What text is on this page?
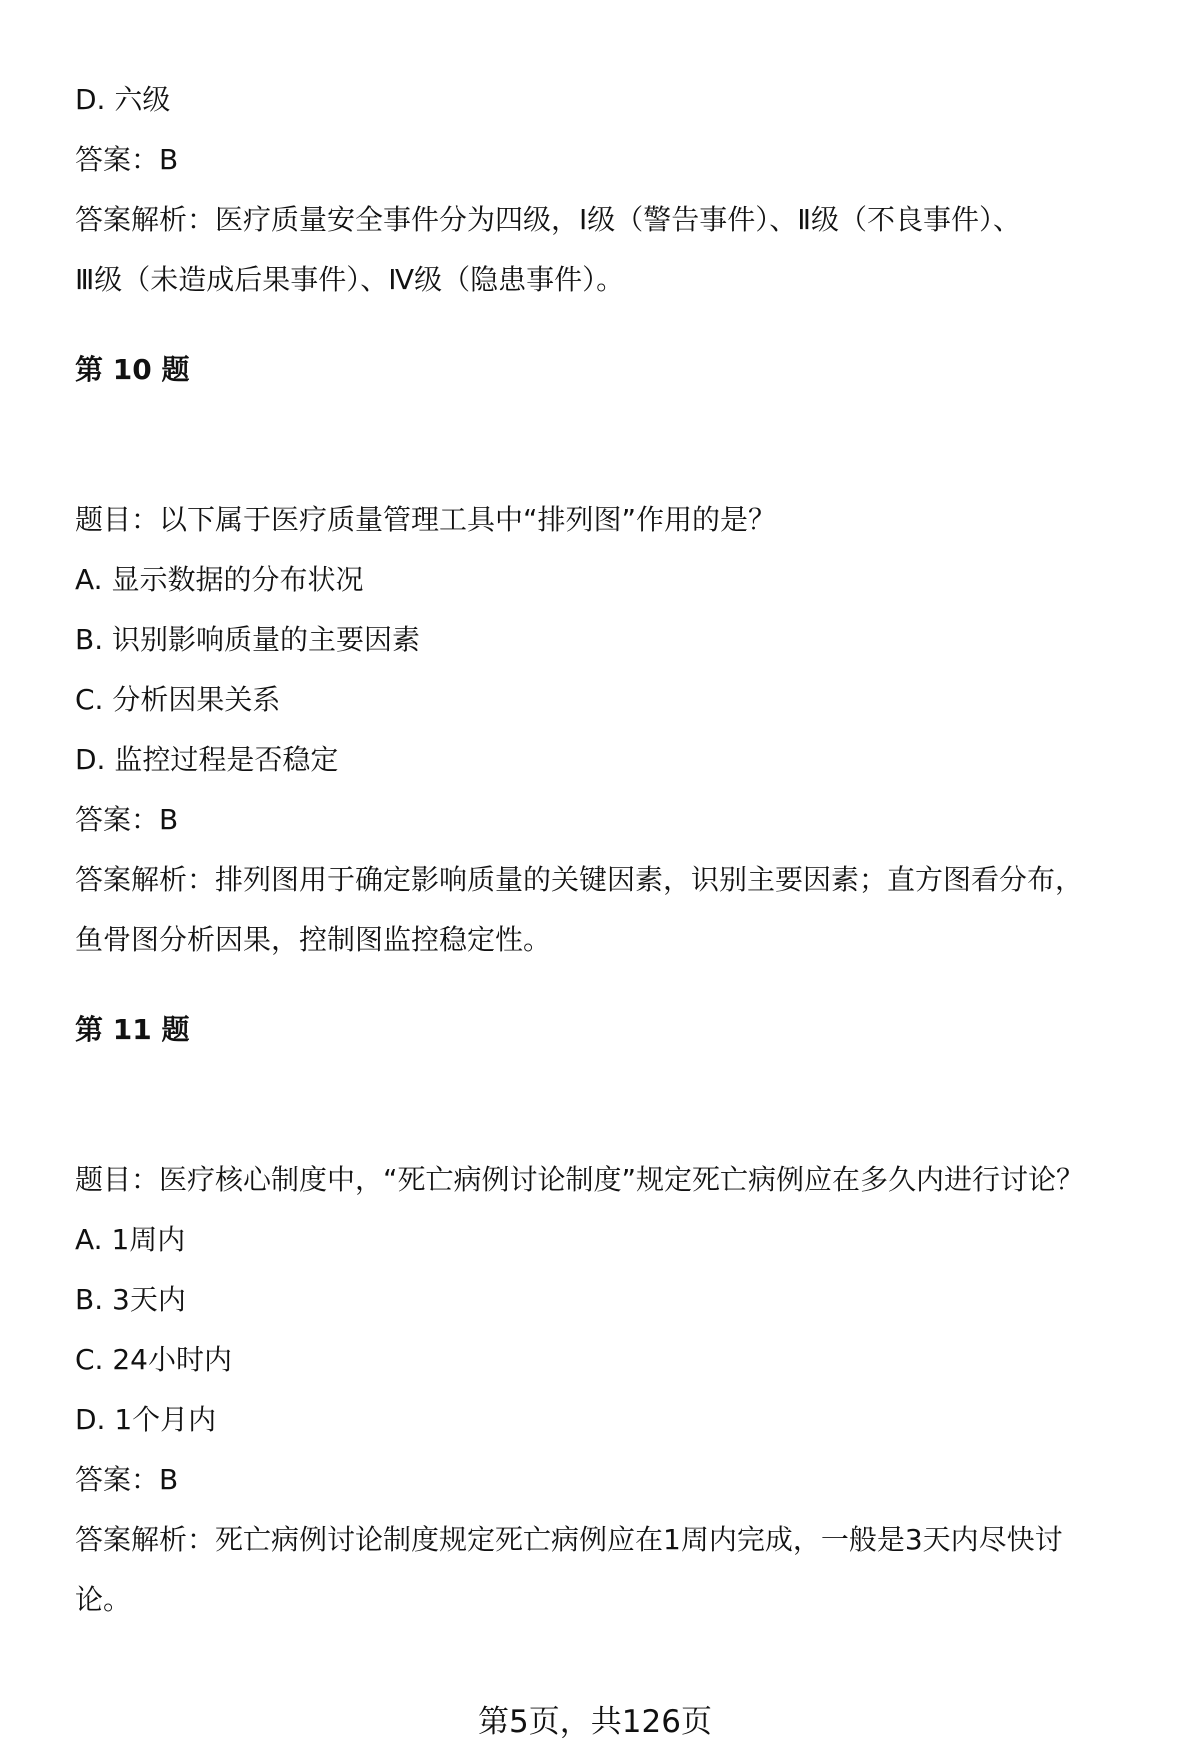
D. 六级
答案：B
答案解析：医疗质量安全事件分为四级，Ⅰ级（警告事件）、Ⅱ级（不良事件）、
Ⅲ级（未造成后果事件）、Ⅳ级（隐患事件）。
第 10 题
题目：以下属于医疗质量管理工具中“排列图”作用的是？
A. 显示数据的分布状况
B. 识别影响质量的主要因素
C. 分析因果关系
D. 监控过程是否稳定
答案：B
答案解析：排列图用于确定影响质量的关键因素，识别主要因素；直方图看分布，
鱼骨图分析因果，控制图监控稳定性。
第 11 题
题目：医疗核心制度中，“死亡病例讨论制度”规定死亡病例应在多久内进行讨论？
A. 1周内
B. 3天内
C. 24小时内
D. 1个月内
答案：B
答案解析：死亡病例讨论制度规定死亡病例应在1周内完成，一般是3天内尽快讨
论。
第5页，共126页
